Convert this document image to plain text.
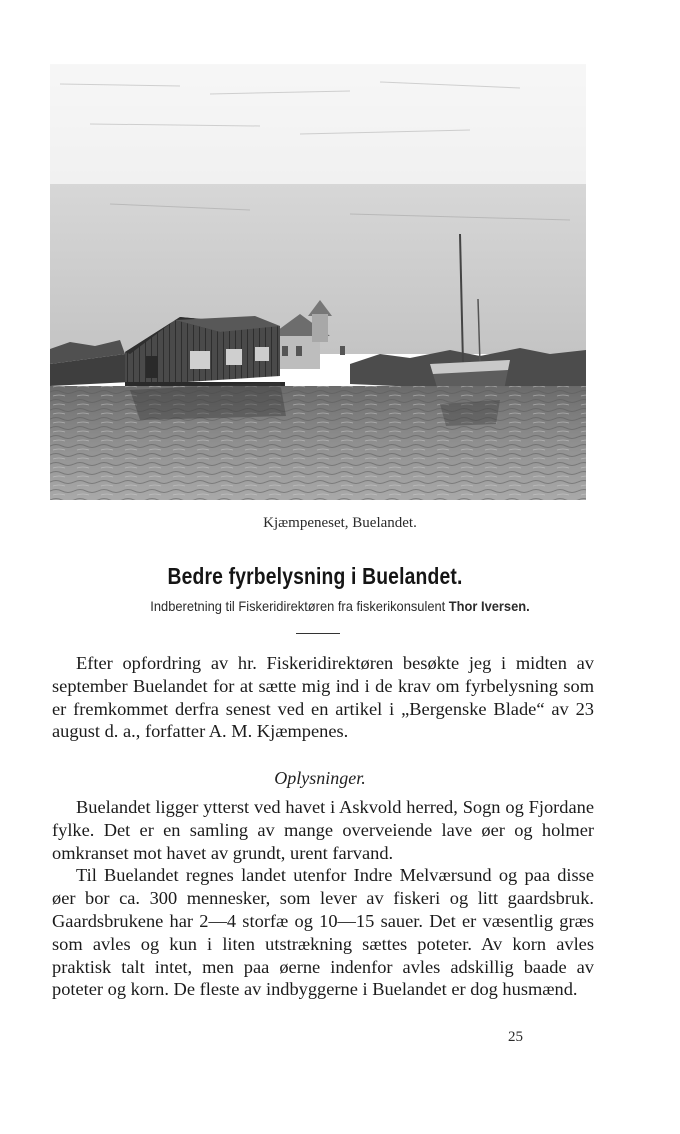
Kjæmpeneset, Buelandet.
Bedre fyrbelysning i Buelandet.
Indberetning til Fiskeridirektøren fra fiskerikonsulent Thor Iversen.

Efter opfordring av hr. Fiskeridirektøren besøkte jeg i midten av september Buelandet for at sætte mig ind i de krav om fyrbelysning som er fremkommet derfra senest ved en artikel i „Bergenske Blade“ av 23 august d. a., forfatter A. M. Kjæmpenes.

Oplysninger.

Buelandet ligger ytterst ved havet i Askvold herred, Sogn og Fjordane fylke. Det er en samling av mange overveiende lave øer og holmer omkranset mot havet av grundt, urent farvand.

Til Buelandet regnes landet utenfor Indre Melværsund og paa disse øer bor ca. 300 mennesker, som lever av fiskeri og litt gaardsbruk. Gaardsbrukene har 2—4 storfæ og 10—15 sauer. Det er væsentlig græs som avles og kun i liten utstrækning sættes poteter. Av korn avles praktisk talt intet, men paa øerne indenfor avles adskillig baade av poteter og korn. De fleste av indbyggerne i Buelandet er dog husmænd.

25
